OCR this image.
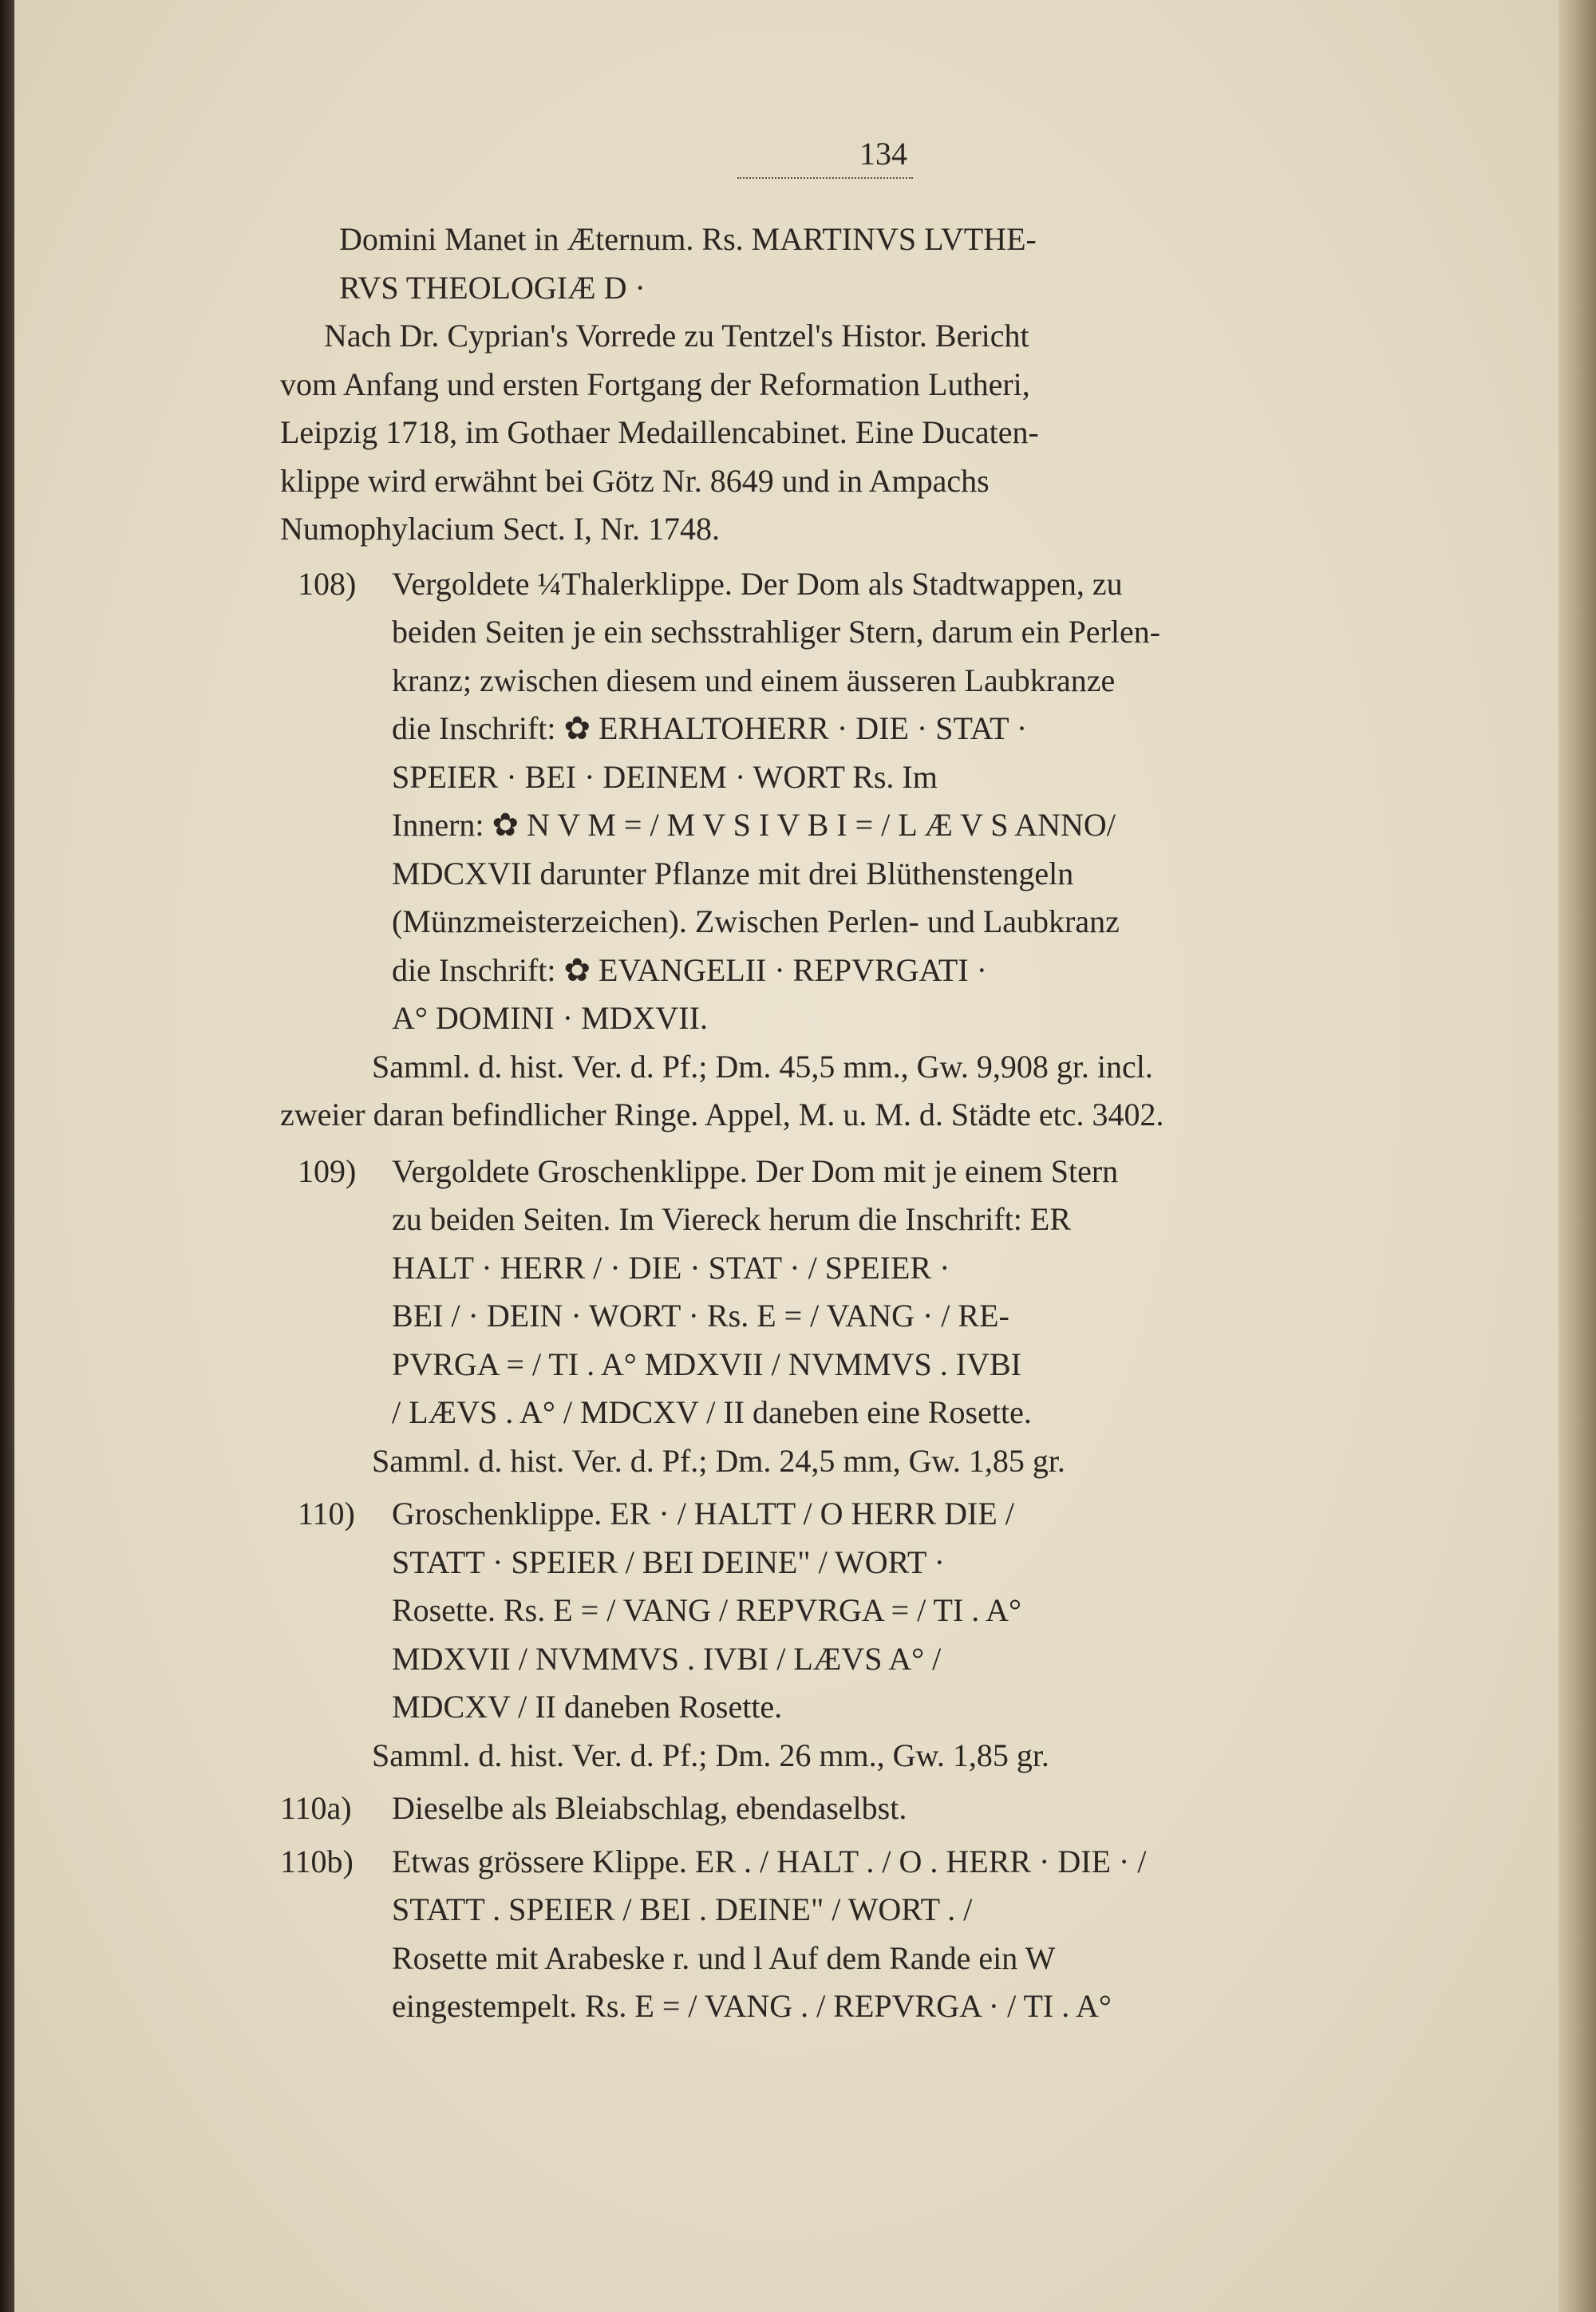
134
Domini Manet in Æternum. Rs. MARTINVS LVTHE-
RVS THEOLOGIÆ D ·
Nach Dr. Cyprian's Vorrede zu Tentzel's Histor. Bericht
vom Anfang und ersten Fortgang der Reformation Lutheri,
Leipzig 1718, im Gothaer Medaillencabinet. Eine Ducaten-
klippe wird erwähnt bei Götz Nr. 8649 und in Ampachs
Numophylacium Sect. I, Nr. 1748.
108) Vergoldete ¼Thalerklippe. Der Dom als Stadtwappen, zu
beiden Seiten je ein sechsstrahliger Stern, darum ein Perlen-
kranz; zwischen diesem und einem äusseren Laubkranze
die Inschrift: ✿ ERHALTOHERR · DIE · STAT ·
SPEIER · BEI · DEINEM · WORT Rs. Im
Innern: ✿ N V M = / M V S I V B I = / L Æ V S ANNO/
MDCXVII darunter Pflanze mit drei Blüthenstengeln
(Münzmeisterzeichen). Zwischen Perlen- und Laubkranz
die Inschrift: ✿ EVANGELII · REPVRGATI ·
A° DOMINI · MDXVII.
Samml. d. hist. Ver. d. Pf.; Dm. 45,5 mm., Gw. 9,908 gr. incl.
zweier daran befindlicher Ringe. Appel, M. u. M. d. Städte etc. 3402.
109) Vergoldete Groschenklippe. Der Dom mit je einem Stern
zu beiden Seiten. Im Viereck herum die Inschrift: ER
HALT · HERR / · DIE · STAT · / SPEIER ·
BEI / · DEIN · WORT · Rs. E = / VANG · / RE-
PVRGA = / TI . A° MDXVII / NVMMVS . IVBI
/ LÆVS . A° / MDCXV / II daneben eine Rosette.
Samml. d. hist. Ver. d. Pf.; Dm. 24,5 mm, Gw. 1,85 gr.
110) Groschenklippe. ER · / HALTT / O HERR DIE /
STATT · SPEIER / BEI DEINE" / WORT ·
Rosette. Rs. E = / VANG / REPVRGA = / TI . A°
MDXVII / NVMMVS . IVBI / LÆVS A° /
MDCXV / II daneben Rosette.
Samml. d. hist. Ver. d. Pf.; Dm. 26 mm., Gw. 1,85 gr.
110a) Dieselbe als Bleiabschlag, ebendaselbst.
110b) Etwas grössere Klippe. ER . / HALT . / O . HERR · DIE · /
STATT . SPEIER / BEI . DEINE" / WORT . /
Rosette mit Arabeske r. und l Auf dem Rande ein W
eingestempelt. Rs. E = / VANG . / REPVRGA · / TI . A°
